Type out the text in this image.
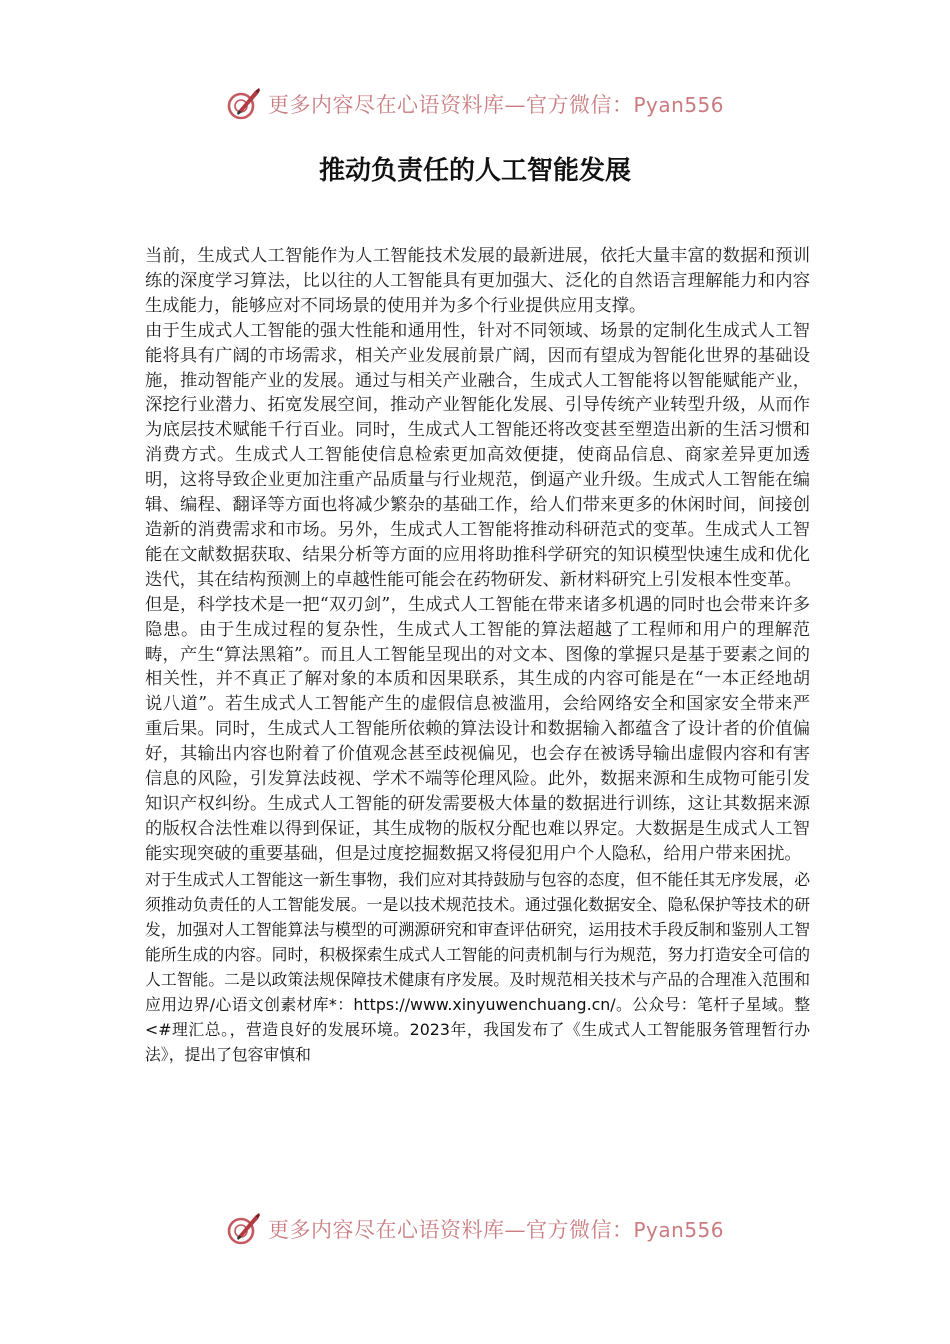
更多内容尽在心语资料库—官方微信：Pyan556
推动负责任的人工智能发展

当前，生成式人工智能作为人工智能技术发展的最新进展，依托大量丰富的数据和预训练的深度学习算法，比以往的人工智能具有更加强大、泛化的自然语言理解能力和内容生成能力，能够应对不同场景的使用并为多个行业提供应用支撑。

由于生成式人工智能的强大性能和通用性，针对不同领域、场景的定制化生成式人工智能将具有广阔的市场需求，相关产业发展前景广阔，因而有望成为智能化世界的基础设施，推动智能产业的发展。通过与相关产业融合，生成式人工智能将以智能赋能产业，深挖行业潜力、拓宽发展空间，推动产业智能化发展、引导传统产业转型升级，从而作为底层技术赋能千行百业。同时，生成式人工智能还将改变甚至塑造出新的生活习惯和消费方式。生成式人工智能使信息检索更加高效便捷，使商品信息、商家差异更加透明，这将导致企业更加注重产品质量与行业规范，倒逼产业升级。生成式人工智能在编辑、编程、翻译等方面也将减少繁杂的基础工作，给人们带来更多的休闲时间，间接创造新的消费需求和市场。另外，生成式人工智能将推动科研范式的变革。生成式人工智能在文献数据获取、结果分析等方面的应用将助推科学研究的知识模型快速生成和优化迭代，其在结构预测上的卓越性能可能会在药物研发、新材料研究上引发根本性变革。

但是，科学技术是一把“双刃剑”，生成式人工智能在带来诸多机遇的同时也会带来许多隐患。由于生成过程的复杂性，生成式人工智能的算法超越了工程师和用户的理解范畴，产生“算法黑箱”。而且人工智能呈现出的对文本、图像的掌握只是基于要素之间的相关性，并不真正了解对象的本质和因果联系，其生成的内容可能是在“一本正经地胡说八道”。若生成式人工智能产生的虚假信息被滥用，会给网络安全和国家安全带来严重后果。同时，生成式人工智能所依赖的算法设计和数据输入都蕴含了设计者的价值偏好，其输出内容也附着了价值观念甚至歧视偏见，也会存在被诱导输出虚假内容和有害信息的风险，引发算法歧视、学术不端等伦理风险。此外，数据来源和生成物可能引发知识产权纠纷。生成式人工智能的研发需要极大体量的数据进行训练，这让其数据来源的版权合法性难以得到保证，其生成物的版权分配也难以界定。大数据是生成式人工智能实现突破的重要基础，但是过度挖掘数据又将侵犯用户个人隐私，给用户带来困扰。

对于生成式人工智能这一新生事物，我们应对其持鼓励与包容的态度，但不能任其无序发展，必须推动负责任的人工智能发展。一是以技术规范技术。通过强化数据安全、隐私保护等技术的研发，加强对人工智能算法与模型的可溯源研究和审查评估研究，运用技术手段反制和鉴别人工智能所生成的内容。同时，积极探索生成式人工智能的问责机制与行为规范，努力打造安全可信的人工智能。二是以政策法规保障技术健康有序发展。及时规范相关技术与产品的合理准入范围和应用边界/心语文创素材库*：https://www.xinyuwenchuang.cn/。公众号：笔杆子星域。整<#理汇总。，营造良好的发展环境。2023年，我国发布了《生成式人工智能服务管理暂行办法》，提出了包容审慎和

更多内容尽在心语资料库—官方微信：Pyan556
